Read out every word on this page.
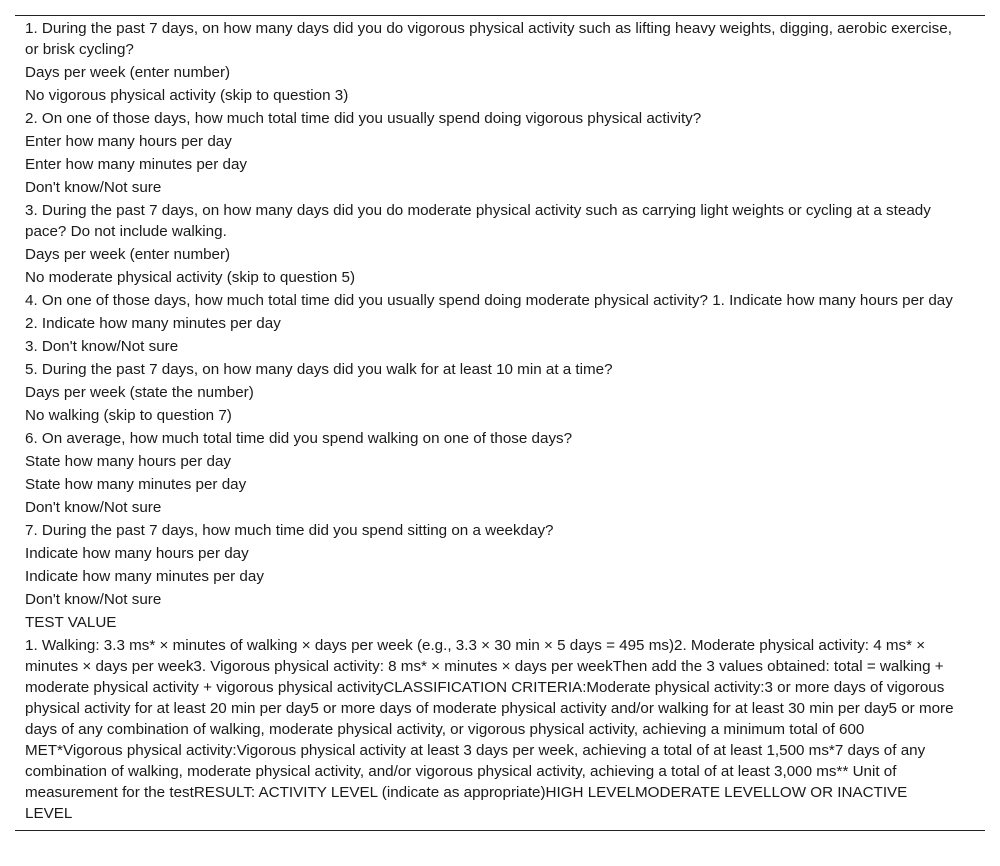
1. During the past 7 days, on how many days did you do vigorous physical activity such as lifting heavy weights, digging, aerobic exercise, or brisk cycling?

Days per week (enter number)

No vigorous physical activity (skip to question 3)

2. On one of those days, how much total time did you usually spend doing vigorous physical activity?

Enter how many hours per day

Enter how many minutes per day

Don't know/Not sure

3. During the past 7 days, on how many days did you do moderate physical activity such as carrying light weights or cycling at a steady pace? Do not include walking.

Days per week (enter number)

No moderate physical activity (skip to question 5)

4. On one of those days, how much total time did you usually spend doing moderate physical activity? 1. Indicate how many hours per day

2. Indicate how many minutes per day

3. Don't know/Not sure

5. During the past 7 days, on how many days did you walk for at least 10 min at a time?

Days per week (state the number)

No walking (skip to question 7)

6. On average, how much total time did you spend walking on one of those days?

State how many hours per day

State how many minutes per day

Don't know/Not sure

7. During the past 7 days, how much time did you spend sitting on a weekday?

Indicate how many hours per day

Indicate how many minutes per day

Don't know/Not sure

TEST VALUE

1. Walking: 3.3 ms* × minutes of walking × days per week (e.g., 3.3 × 30 min × 5 days = 495 ms)2. Moderate physical activity: 4 ms* × minutes × days per week3. Vigorous physical activity: 8 ms* × minutes × days per weekThen add the 3 values obtained: total = walking + moderate physical activity + vigorous physical activityCLASSIFICATION CRITERIA:Moderate physical activity:3 or more days of vigorous physical activity for at least 20 min per day5 or more days of moderate physical activity and/or walking for at least 30 min per day5 or more days of any combination of walking, moderate physical activity, or vigorous physical activity, achieving a minimum total of 600 MET*Vigorous physical activity:Vigorous physical activity at least 3 days per week, achieving a total of at least 1,500 ms*7 days of any combination of walking, moderate physical activity, and/or vigorous physical activity, achieving a total of at least 3,000 ms** Unit of measurement for the testRESULT: ACTIVITY LEVEL (indicate as appropriate)HIGH LEVELMODERATE LEVELLOW OR INACTIVE LEVEL
